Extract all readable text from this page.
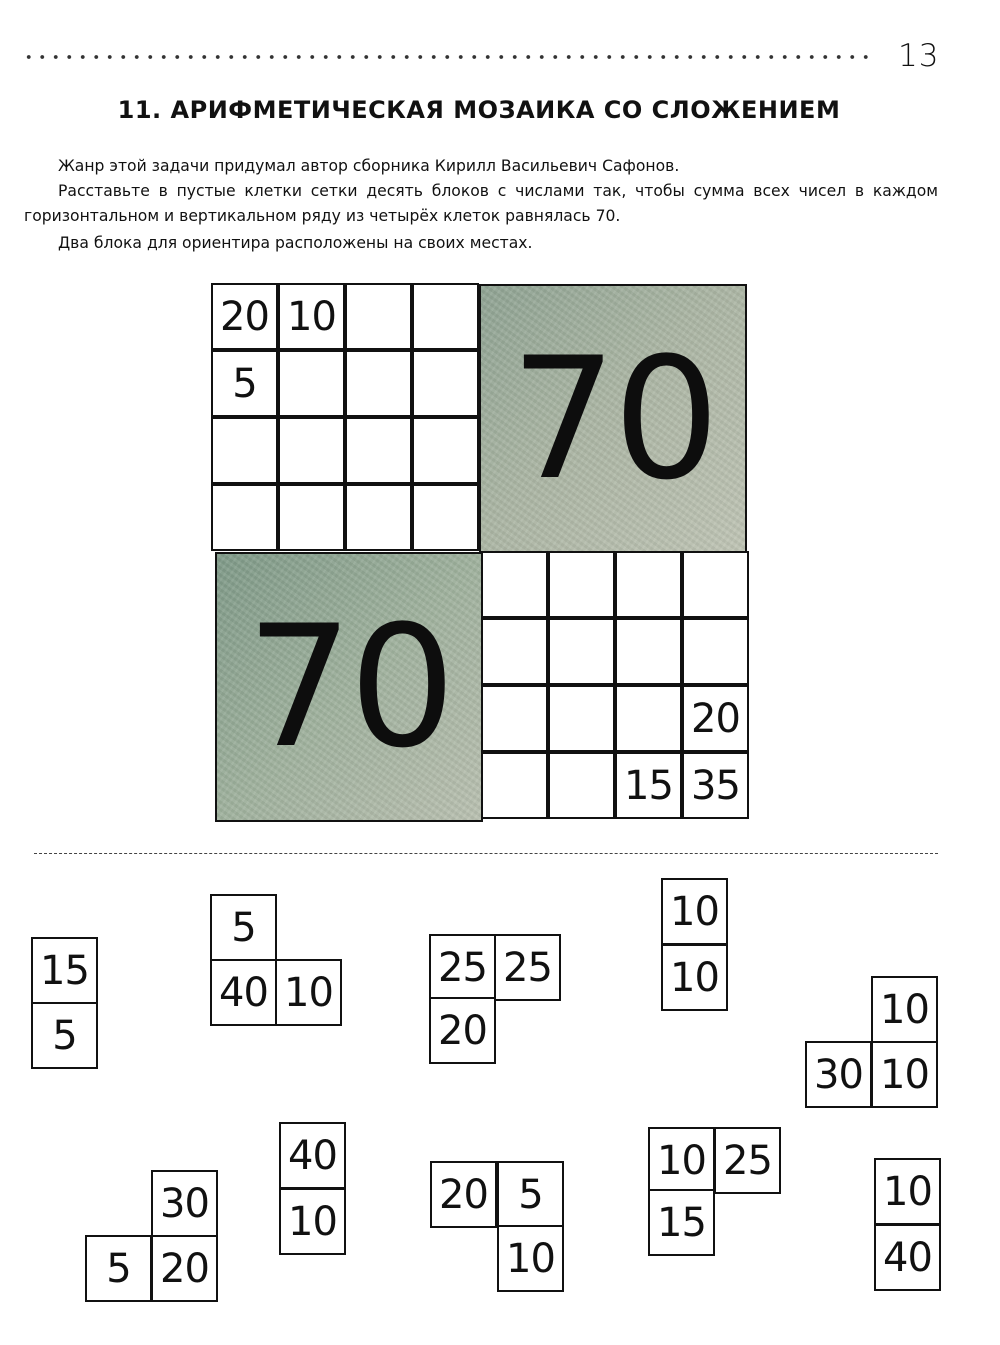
13
11. АРИФМЕТИЧЕСКАЯ МОЗАИКА СО СЛОЖЕНИЕМ

Жанр этой задачи придумал автор сборника Кирилл Васильевич Сафонов.

Расставьте в пустые клетки сетки десять блоков с числами так, чтобы сумма всех чисел в каждом горизонтальном и вертикальном ряду из четырёх клеток равнялась 70.

Два блока для ориентира расположены на своих местах.

20 10
5 70
70	20
15 35
15
5
5
40 10
25 25
20
10
10
10
30 10
30
5 20
40
10
20 5
10
10 25
15
10
40
